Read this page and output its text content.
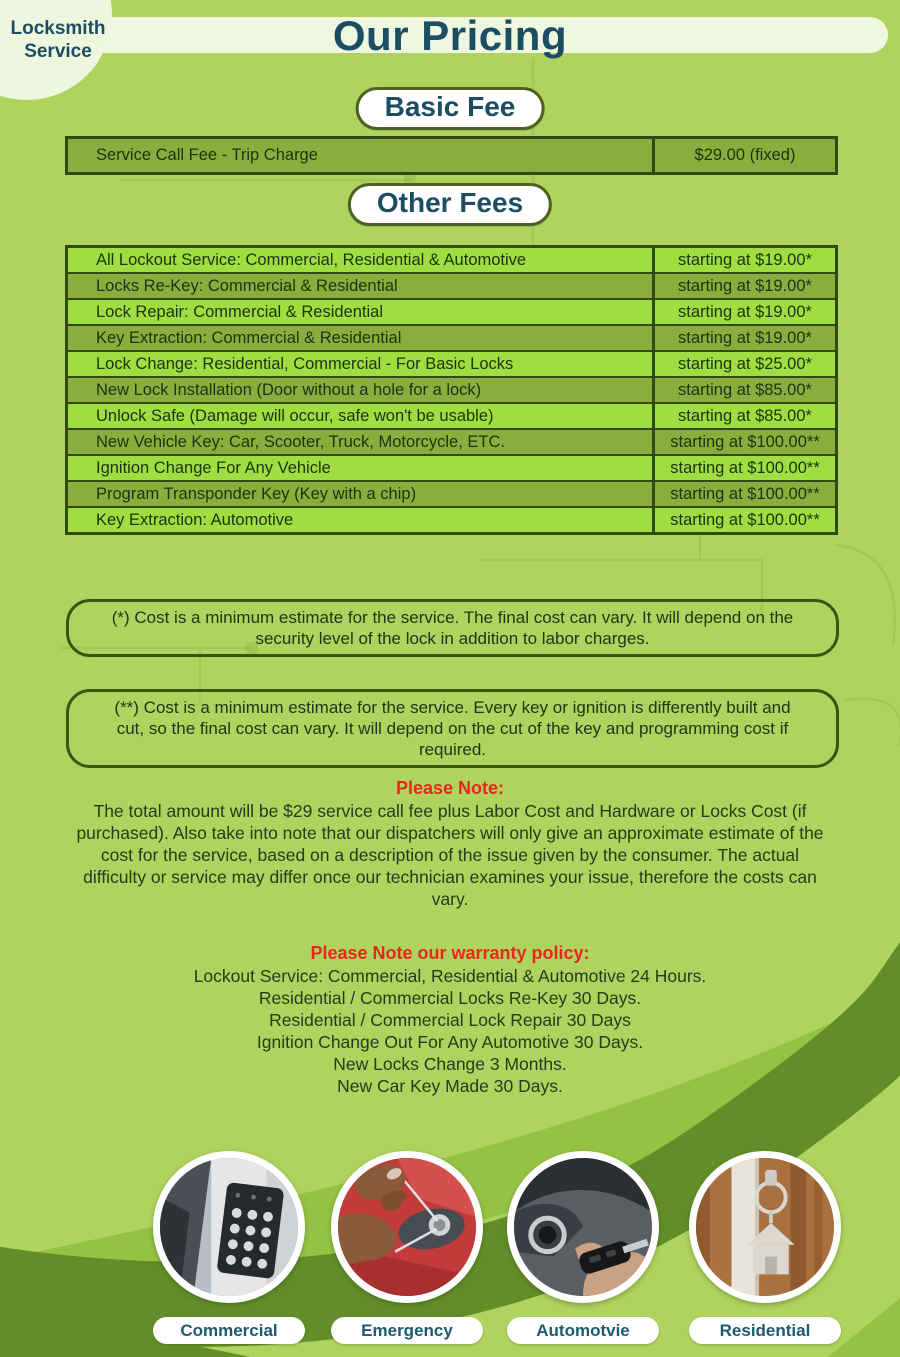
Locksmith
Service	Our Pricing
Basic Fee
Service Call Fee - Trip Charge	$29.00 (fixed)
Other Fees
All Lockout Service: Commercial, Residential & Automotive	starting at $19.00*
Locks Re-Key: Commercial & Residential	starting at $19.00*
Lock Repair: Commercial & Residential	starting at $19.00*
Key Extraction: Commercial & Residential	starting at $19.00*
Lock Change: Residential, Commercial - For Basic Locks	starting at $25.00*
New Lock Installation (Door without a hole for a lock)	starting at $85.00*
Unlock Safe (Damage will occur, safe won't be usable)	starting at $85.00*
New Vehicle Key: Car, Scooter, Truck, Motorcycle, ETC.	starting at $100.00**
Ignition Change For Any Vehicle	starting at $100.00**
Program Transponder Key (Key with a chip)	starting at $100.00**
Key Extraction: Automotive	starting at $100.00**
(*) Cost is a minimum estimate for the service. The final cost can vary. It will depend on the security level of the lock in addition to labor charges.
(**) Cost is a minimum estimate for the service. Every key or ignition is differently built and cut, so the final cost can vary. It will depend on the cut of the key and programming cost if required.
Please Note:
The total amount will be $29 service call fee plus Labor Cost and Hardware or Locks Cost (if purchased). Also take into note that our dispatchers will only give an approximate estimate of the cost for the service, based on a description of the issue given by the consumer. The actual difficulty or service may differ once our technician examines your issue, therefore the costs can vary.
Please Note our warranty policy:
Lockout Service: Commercial, Residential & Automotive 24 Hours.
Residential / Commercial Locks Re-Key 30 Days.
Residential / Commercial Lock Repair 30 Days
Ignition Change Out For Any Automotive 30 Days.
New Locks Change 3 Months.
New Car Key Made 30 Days.
Commercial	Emergency	Automotvie	Residential
